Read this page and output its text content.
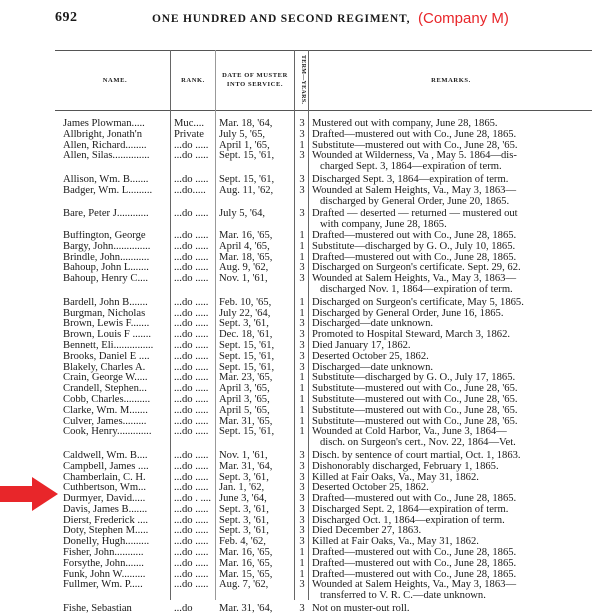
692	ONE HUNDRED AND SECOND REGIMENT, (Company M)
NAME.	RANK.
DATE OF MUSTER INTO SERVICE.	TERM—YEARS.	REMARKS.
James Plowman.....	Muc....	Mar. 18, '64,	3 Mustered out with company, June 28, 1865.
Allbright, Jonath'n	Private	July 5, '65,	3 Drafted—mustered out with Co., June 28, 1865.
Allen, Richard........	...do ..... April 1, '65,	1 Substitute—mustered out with Co., June 28, '65.
Allen, Silas..............	...do ..... Sept. 15, '61,	3 Wounded at Wilderness, Va , May 5. 1864—dis-
charged Sept. 3, 1864—expiration of term.
Allison, Wm. B.......	...do ..... Sept. 15, '61,	3 Discharged Sept. 3, 1864—expiration of term.
Badger, Wm. L.........	...do.....	Aug. 11, '62,	3 Wounded at Salem Heights, Va., May 3, 1863—
discharged by General Order, June 20, 1865.
Bare, Peter J............	...do ..... July 5, '64,	3 Drafted — deserted — returned — mustered out
with company, June 28, 1865.
Buffington, George	...do ..... Mar. 16, '65,	1 Drafted—mustered out with Co., June 28, 1865.
Bargy, John..............	...do ..... April 4, '65,	1 Substitute—discharged by G. O., July 10, 1865.
Brindle, John...........	...do ..... Mar. 18, '65,	1 Drafted—mustered out with Co., June 28, 1865.
Bahoup, John L.......	...do ..... Aug. 9, '62,	3 Discharged on Surgeon's certificate. Sept. 29, 62.
Bahoup, Henry C....	...do ..... Nov. 1, '61,	3 Wounded at Salem Heights, Va., May 3, 1863—
discharged Nov. 1, 1864—expiration of term.
Bardell, John B.......	...do ..... Feb. 10, '65,	1 Discharged on Surgeon's certificate, May 5, 1865.
Burgman, Nicholas	...do ..... July 22, '64,	1 Discharged by General Order, June 16, 1865.
Brown, Lewis F.......	...do ..... Sept. 3, '61,	3 Discharged—date unknown.
Brown, Louis F .......	...do ..... Dec. 18, '61,	3 Promoted to Hospital Steward, March 3, 1862.
Bennett, Eli...............	...do ..... Sept. 15, '61,	3 Died January 17, 1862.
Brooks, Daniel E ....	...do ..... Sept. 15, '61,	3 Deserted October 25, 1862.
Blakely, Charles A.	...do ..... Sept. 15, '61,	3 Discharged—date unknown.
Crain, George W.....	...do ..... Mar. 23, '65,	1 Substitute—discharged by G. O., July 17, 1865.
Crandell, Stephen...	...do ..... April 3, '65,	1 Substitute—mustered out with Co., June 28, '65.
Cobb, Charles..........	...do ..... April 3, '65,	1 Substitute—mustered out with Co., June 28, '65.
Clarke, Wm. M.......	...do ..... April 5, '65,	1 Substitute—mustered out with Co., June 28, '65.
Culver, James.........	...do ..... Mar. 31, '65,	1 Substitute—mustered out with Co., June 28, '65.
Cook, Henry.............	...do ..... Sept. 15, '61,	1 Wounded at Cold Harbor, Va., June 3, 1864—
disch. on Surgeon's cert., Nov. 22, 1864—Vet.
Caldwell, Wm. B....	...do ..... Nov. 1, '61,	3 Disch. by sentence of court martial, Oct. 1, 1863.
Campbell, James ....	...do ..... Mar. 31, '64,	3 Dishonorably discharged, February 1, 1865.
Chamberlain, C. H.	...do ..... Sept. 3, '61,	3 Killed at Fair Oaks, Va., May 31, 1862.
Cuthbertson, Wm...	...do ..... Jan. 1, '62,	3 Deserted October 25, 1862.
Durmyer, David.....	...do . .... June 3, '64,	3 Drafted—mustered out with Co., June 28, 1865.
Davis, James B.......	...do ..... Sept. 3, '61,	3 Discharged Sept. 2, 1864—expiration of term.
Dierst, Frederick ....	...do ..... Sept. 3, '61,	3 Discharged Oct. 1, 1864—expiration of term.
Doty, Stephen M.....	...do ..... Sept. 3, '61,	3 Died December 27, 1863.
Donelly, Hugh.........	...do ..... Feb. 4, '62,	3 Killed at Fair Oaks, Va., May 31, 1862.
Fisher, John...........	...do ..... Mar. 16, '65,	1 Drafted—mustered out with Co., June 28, 1865.
Forsythe, John.......	...do ..... Mar. 16, '65,	1 Drafted—mustered out with Co., June 28, 1865.
Funk, John W.........	...do ..... Mar. 15, '65,	1 Drafted—mustered out with Co., June 28, 1865.
Fullmer, Wm. P.....	...do ..... Aug. 7, '62,	3 Wounded at Salem Heights, Va., May 3, 1863—
transferred to V. R. C.—date unknown.
Fishe, Sebastian	...do	Mar. 31, '64,	3 Not on muster-out roll.
